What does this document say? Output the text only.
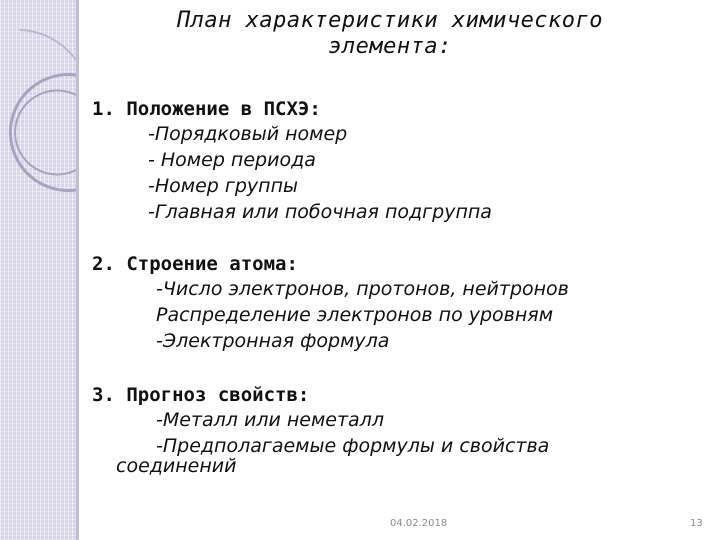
План характеристики химического
элемента:
1. Положение в ПСХЭ:
-Порядковый номер
- Номер периода
-Номер группы
-Главная или побочная подгруппа
2. Строение атома:
-Число электронов, протонов, нейтронов
Распределение электронов по уровням
-Электронная формула
3. Прогноз свойств:
-Металл или неметалл
-Предполагаемые формулы и свойства
соединений
04.02.2018	13
